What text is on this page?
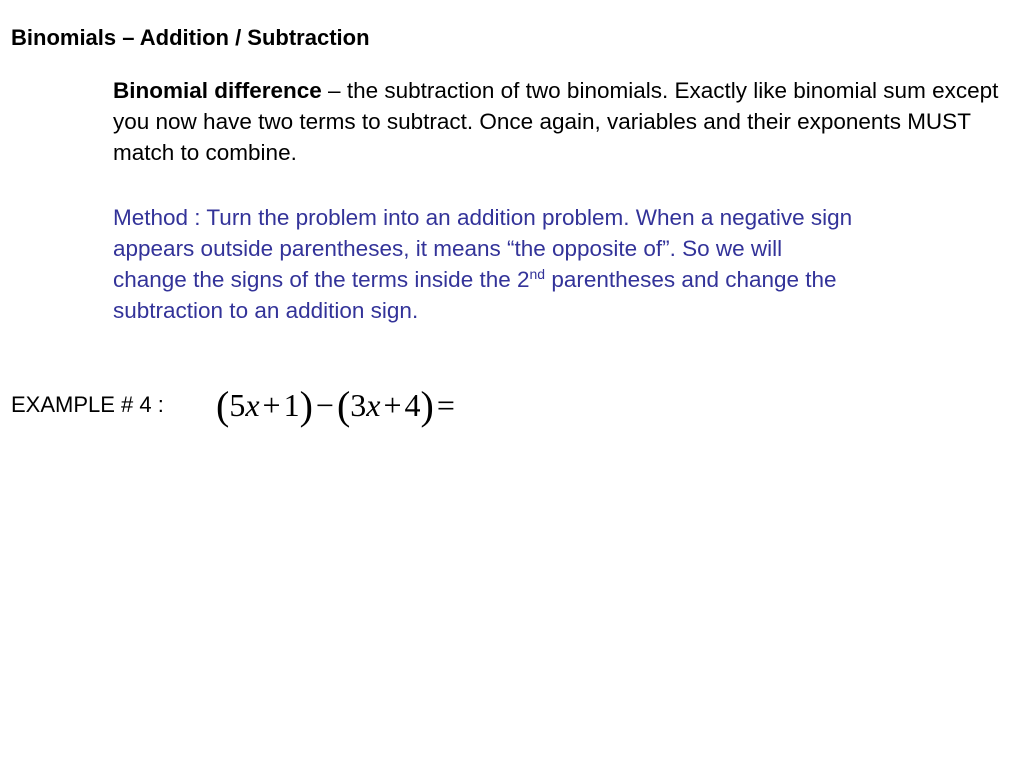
Binomials – Addition / Subtraction
Binomial difference – the subtraction of two binomials. Exactly like binomial sum except you now have two terms to subtract. Once again, variables and their exponents MUST match to combine.
Method : Turn the problem into an addition problem. When a negative sign appears outside parentheses, it means “the opposite of”. So we will change the signs of the terms inside the 2nd parentheses and change the subtraction to an addition sign.
EXAMPLE # 4 : (5x+1)−(3x+4)=
